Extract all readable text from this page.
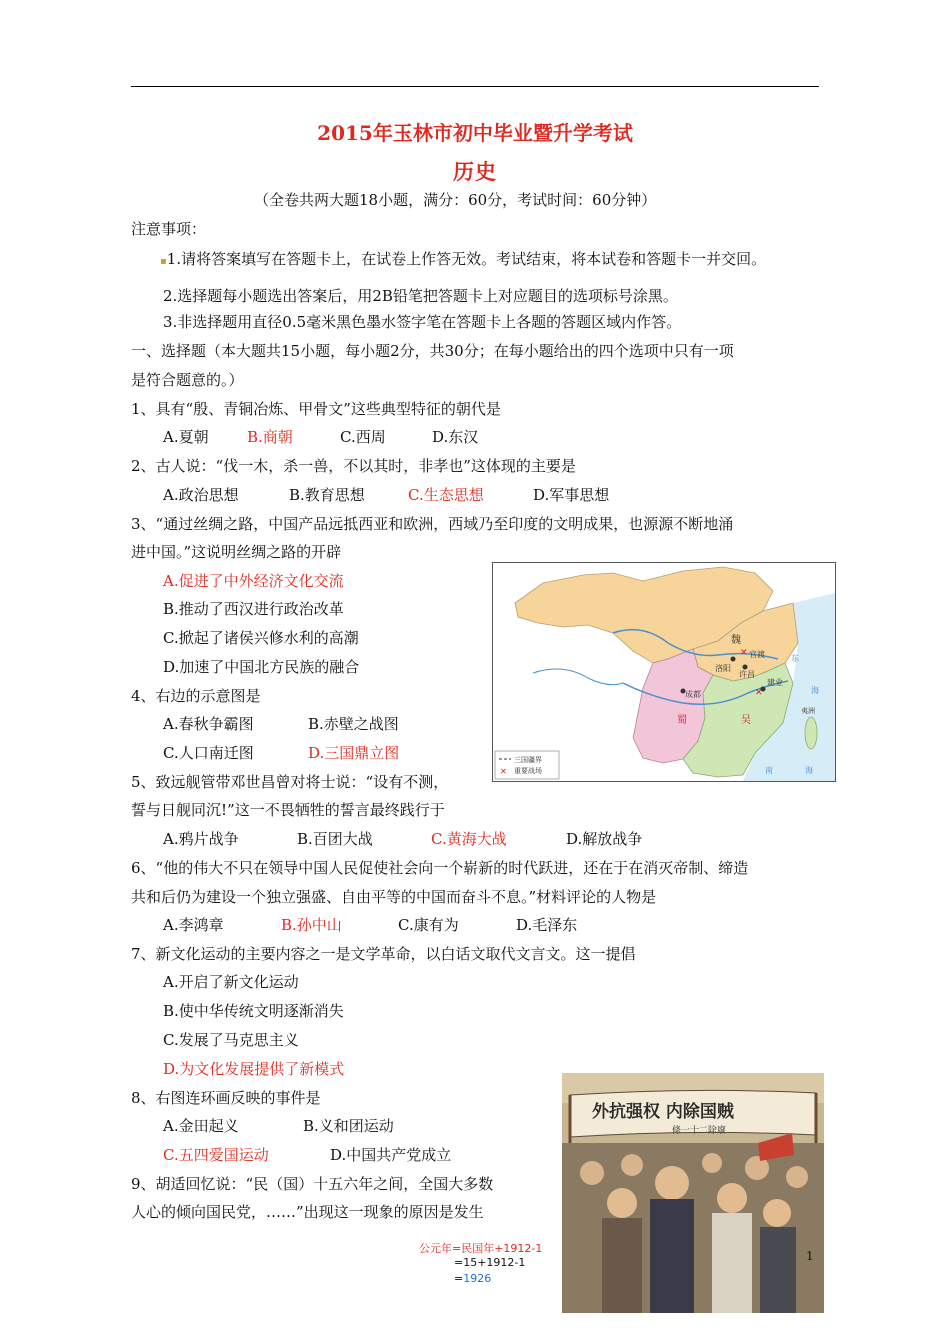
2015年玉林市初中毕业暨升学考试
历史
（全卷共两大题18小题，满分：60分，考试时间：60分钟）
注意事项：
▪1.请将答案填写在答题卡上，在试卷上作答无效。考试结束，将本试卷和答题卡一并交回。
2.选择题每小题选出答案后，用2B铅笔把答题卡上对应题目的选项标号涂黑。
3.非选择题用直径0.5毫米黑色墨水签字笔在答题卡上各题的答题区域内作答。
一、选择题（本大题共15小题，每小题2分，共30分；在每小题给出的四个选项中只有一项
是符合题意的。）
1、具有“殷、青铜冶炼、甲骨文”这些典型特征的朝代是
A.夏朝	B.商朝	C.西周	D.东汉
2、古人说：“伐一木，杀一兽，不以其时，非孝也”这体现的主要是
A.政治思想	B.教育思想	C.生态思想	D.军事思想
3、“通过丝绸之路，中国产品远抵西亚和欧洲，西域乃至印度的文明成果，也源源不断地涌
进中国。”这说明丝绸之路的开辟
A.促进了中外经济文化交流
B.推动了西汉进行政治改革
C.掀起了诸侯兴修水利的高潮
D.加速了中国北方民族的融合
4、右边的示意图是
A.春秋争霸图	B.赤壁之战图
C.人口南迁图	D.三国鼎立图
5、致远舰管带邓世昌曾对将士说：“设有不测，
誓与日舰同沉!”这一不畏牺牲的誓言最终践行于
A.鸦片战争	B.百团大战	C.黄海大战	D.解放战争
6、“他的伟大不只在领导中国人民促使社会向一个崭新的时代跃进，还在于在消灭帝制、缔造
共和后仍为建设一个独立强盛、自由平等的中国而奋斗不息。”材料评论的人物是
A.李鸿章	B.孙中山	C.康有为	D.毛泽东
7、新文化运动的主要内容之一是文学革命，以白话文取代文言文。这一提倡
A.开启了新文化运动
B.使中华传统文明逐渐消失
C.发展了马克思主义
D.为文化发展提供了新模式
8、右图连环画反映的事件是
A.金田起义	B.义和团运动
C.五四爱国运动	D.中国共产党成立
9、胡适回忆说：“民（国）十五六年之间，全国大多数
人心的倾向国民党，……”出现这一现象的原因是发生
公元年=民国年+1912-1
=15+1912-1
=1926
✕
✕
魏
蜀	吴
成都
洛阳
许昌
建业
官渡	东
海
南	海
夷洲
三国疆界
✕ 重要战场
外抗强权 内除国贼
條一十二除廢
1
